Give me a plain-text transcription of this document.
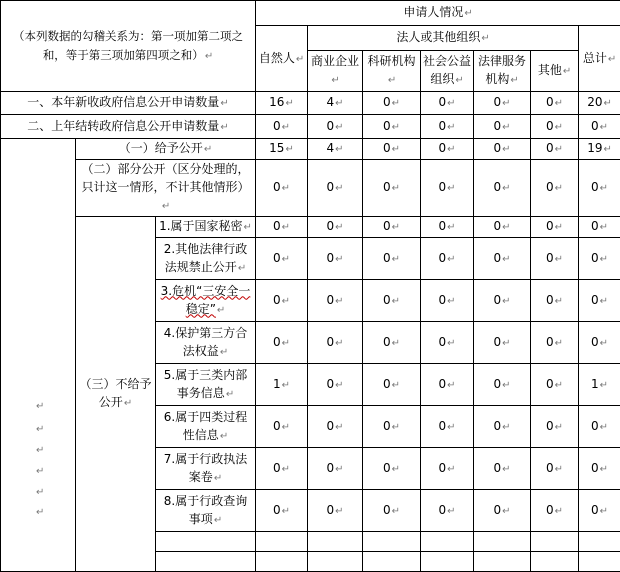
（本列数据的勾稽关系为：第一项加第二项之和，等于第三项加第四项之和）↵			申请人情况↵						
			自然人↵	法人或其他组织↵					总计↵
				商业企业↵	科研机构↵	社会公益组织↵	法律服务机构↵	其他↵	
一、本年新收政府信息公开申请数量↵			16↵	4↵	0↵	0↵	0↵	0↵	20↵
二、上年结转政府信息公开申请数量↵			0↵	0↵	0↵	0↵	0↵	0↵	0↵
	（一）给予公开↵		15↵	4↵	0↵	0↵	0↵	0↵	19↵
	（二）部分公开（区分处理的，只计这一情形，不计其他情形）↵		0↵	0↵	0↵	0↵	0↵	0↵	0↵
	（三）不给予公开↵	1.属于国家秘密↵	0↵	0↵	0↵	0↵	0↵	0↵	0↵
		2.其他法律行政法规禁止公开↵	0↵	0↵	0↵	0↵	0↵	0↵	0↵
		3.危机“三安全一稳定”↵	0↵	0↵	0↵	0↵	0↵	0↵	0↵
		4.保护第三方合法权益↵	0↵	0↵	0↵	0↵	0↵	0↵	0↵
		5.属于三类内部事务信息↵	1↵	0↵	0↵	0↵	0↵	0↵	1↵
		6.属于四类过程性信息↵	0↵	0↵	0↵	0↵	0↵	0↵	0↵
		7.属于行政执法案卷↵	0↵	0↵	0↵	0↵	0↵	0↵	0↵
		8.属于行政查询事项↵	0↵	0↵	0↵	0↵	0↵	0↵	0↵

↵
↵
↵
↵
↵
↵
